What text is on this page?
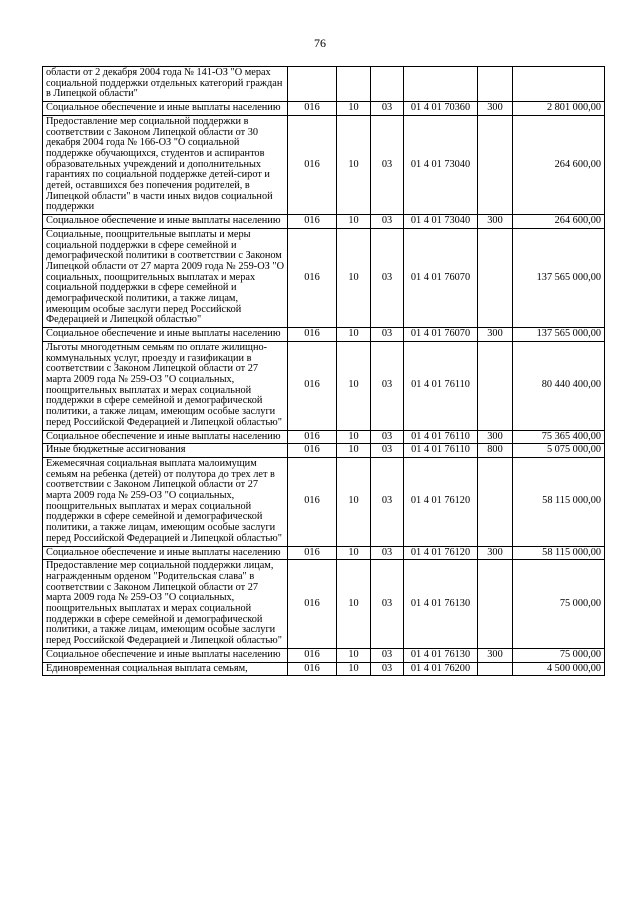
76
области от 2 декабря 2004 года № 141-ОЗ "О мерах социальной поддержки отдельных категорий граждан в Липецкой области"						
Социальное обеспечение и иные выплаты населению	016	10	03	01 4 01 70360	300	2 801 000,00
Предоставление мер социальной поддержки в соответствии с Законом Липецкой области от 30 декабря 2004 года № 166-ОЗ "О социальной поддержке обучающихся, студентов и аспирантов образовательных учреждений и дополнительных гарантиях по социальной поддержке детей-сирот и детей, оставшихся без попечения родителей, в Липецкой области" в части иных видов социальной поддержки	016	10	03	01 4 01 73040		264 600,00
Социальное обеспечение и иные выплаты населению	016	10	03	01 4 01 73040	300	264 600,00
Социальные, поощрительные выплаты и меры социальной поддержки в сфере семейной и демографической политики в соответствии с Законом Липецкой области от 27 марта 2009 года № 259-ОЗ "О социальных, поощрительных выплатах и мерах социальной поддержки в сфере семейной и демографической политики, а также лицам, имеющим особые заслуги перед Российской Федерацией и Липецкой областью"	016	10	03	01 4 01 76070		137 565 000,00
Социальное обеспечение и иные выплаты населению	016	10	03	01 4 01 76070	300	137 565 000,00
Льготы многодетным семьям по оплате жилищно-коммунальных услуг, проезду и газификации в соответствии с Законом Липецкой области от 27 марта 2009 года № 259-ОЗ "О социальных, поощрительных выплатах и мерах социальной поддержки в сфере семейной и демографической политики, а также лицам, имеющим особые заслуги перед Российской Федерацией и Липецкой областью"	016	10	03	01 4 01 76110		80 440 400,00
Социальное обеспечение и иные выплаты населению	016	10	03	01 4 01 76110	300	75 365 400,00
Иные бюджетные ассигнования	016	10	03	01 4 01 76110	800	5 075 000,00
Ежемесячная социальная выплата малоимущим семьям на ребенка (детей) от полутора до трех лет в соответствии с Законом Липецкой области от 27 марта 2009 года № 259-ОЗ "О социальных, поощрительных выплатах и мерах социальной поддержки в сфере семейной и демографической политики, а также лицам, имеющим особые заслуги перед Российской Федерацией и Липецкой областью"	016	10	03	01 4 01 76120		58 115 000,00
Социальное обеспечение и иные выплаты населению	016	10	03	01 4 01 76120	300	58 115 000,00
Предоставление мер социальной поддержки лицам, награжденным орденом "Родительская слава" в соответствии с Законом Липецкой области от 27 марта 2009 года № 259-ОЗ "О социальных, поощрительных выплатах и мерах социальной поддержки в сфере семейной и демографической политики, а также лицам, имеющим особые заслуги перед Российской Федерацией и Липецкой областью"	016	10	03	01 4 01 76130		75 000,00
Социальное обеспечение и иные выплаты населению	016	10	03	01 4 01 76130	300	75 000,00
Единовременная социальная выплата семьям,	016	10	03	01 4 01 76200		4 500 000,00
